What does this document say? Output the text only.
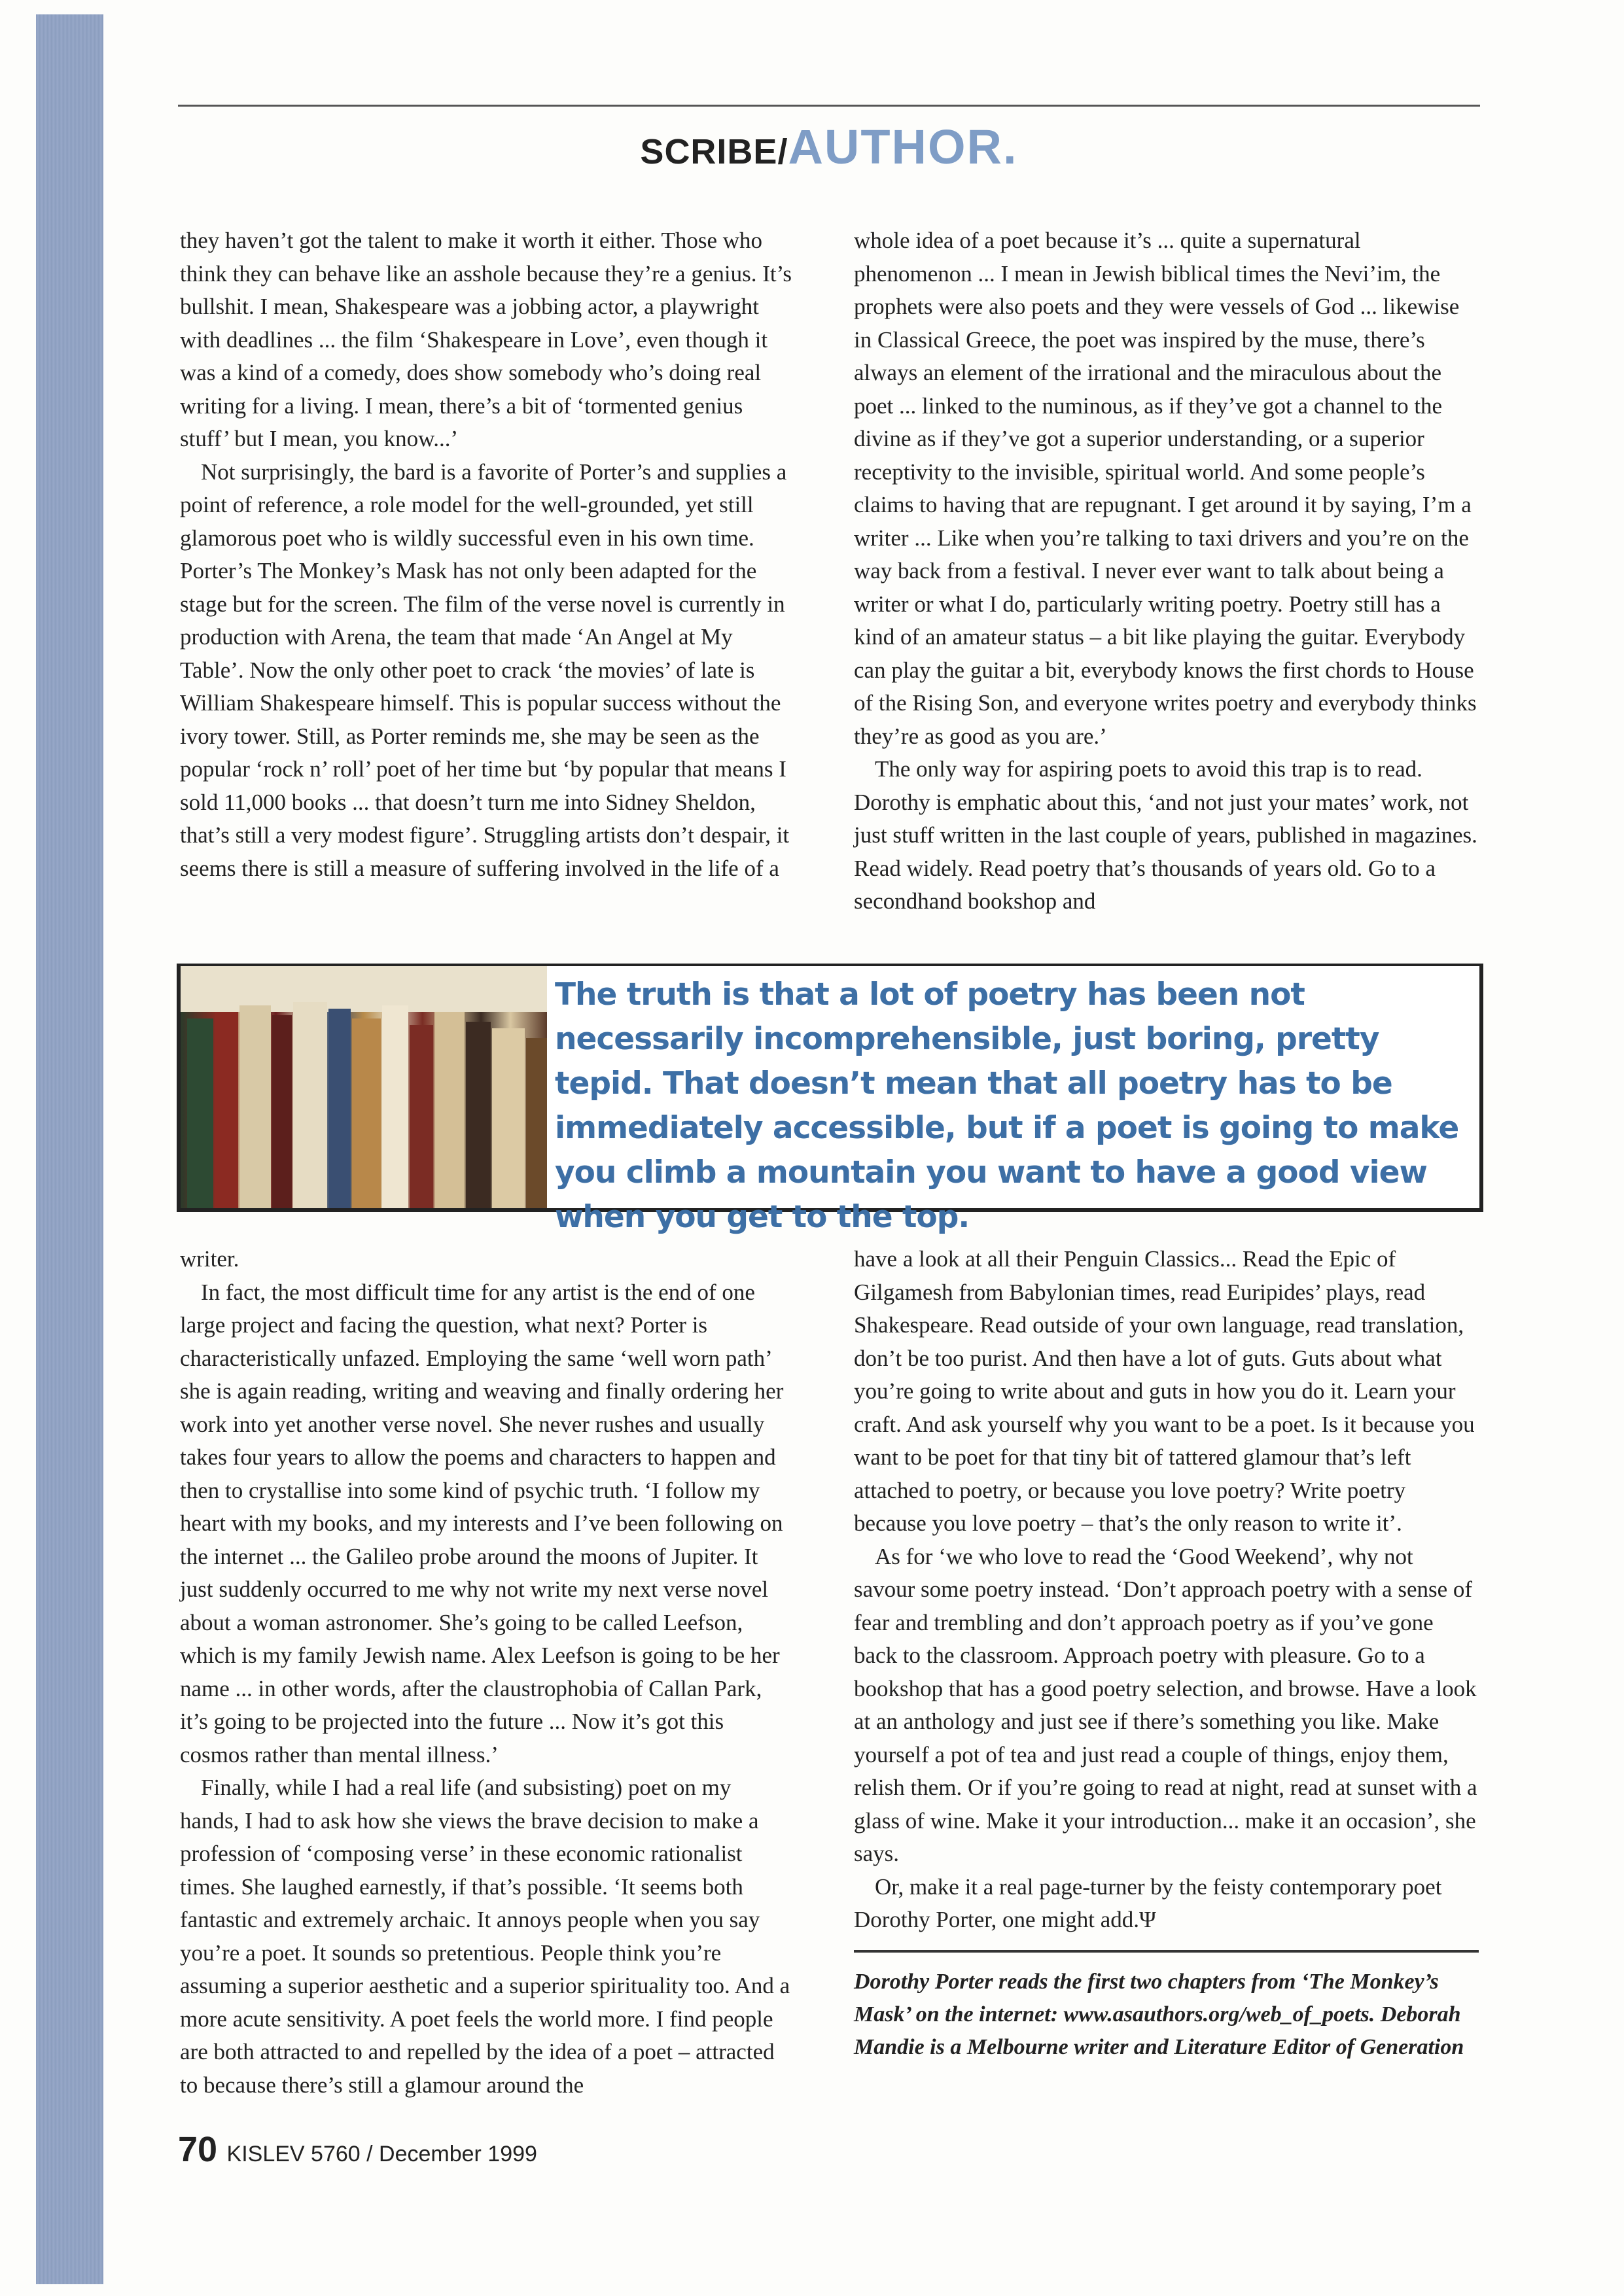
SCRIBE/AUTHOR.

they haven’t got the talent to make it worth it either. Those who think they can behave like an asshole because they’re a genius. It’s bullshit. I mean, Shakespeare was a jobbing actor, a playwright with deadlines ... the film ‘Shakespeare in Love’, even though it was a kind of a comedy, does show somebody who’s doing real writing for a living. I mean, there’s a bit of ‘tormented genius stuff’ but I mean, you know...’

Not surprisingly, the bard is a favorite of Porter’s and supplies a point of reference, a role model for the well-grounded, yet still glamorous poet who is wildly successful even in his own time. Porter’s The Monkey’s Mask has not only been adapted for the stage but for the screen. The film of the verse novel is currently in production with Arena, the team that made ‘An Angel at My Table’. Now the only other poet to crack ‘the movies’ of late is William Shakespeare himself. This is popular success without the ivory tower. Still, as Porter reminds me, she may be seen as the popular ‘rock n’ roll’ poet of her time but ‘by popular that means I sold 11,000 books ... that doesn’t turn me into Sidney Sheldon, that’s still a very modest figure’. Struggling artists don’t despair, it seems there is still a measure of suffering involved in the life of a

whole idea of a poet because it’s ... quite a supernatural phenomenon ... I mean in Jewish biblical times the Nevi’im, the prophets were also poets and they were vessels of God ... likewise in Classical Greece, the poet was inspired by the muse, there’s always an element of the irrational and the miraculous about the poet ... linked to the numinous, as if they’ve got a channel to the divine as if they’ve got a superior understanding, or a superior receptivity to the invisible, spiritual world. And some people’s claims to having that are repugnant. I get around it by saying, I’m a writer ... Like when you’re talking to taxi drivers and you’re on the way back from a festival. I never ever want to talk about being a writer or what I do, particularly writing poetry. Poetry still has a kind of an amateur status – a bit like playing the guitar. Everybody can play the guitar a bit, everybody knows the first chords to House of the Rising Son, and everyone writes poetry and everybody thinks they’re as good as you are.’

The only way for aspiring poets to avoid this trap is to read. Dorothy is emphatic about this, ‘and not just your mates’ work, not just stuff written in the last couple of years, published in magazines. Read widely. Read poetry that’s thousands of years old. Go to a secondhand bookshop and

The truth is that a lot of poetry has been not necessarily incomprehensible, just boring, pretty tepid. That doesn’t mean that all poetry has to be immediately accessible, but if a poet is going to make you climb a mountain you want to have a good view when you get to the top.

writer.

In fact, the most difficult time for any artist is the end of one large project and facing the question, what next? Porter is characteristically unfazed. Employing the same ‘well worn path’ she is again reading, writing and weaving and finally ordering her work into yet another verse novel. She never rushes and usually takes four years to allow the poems and characters to happen and then to crystallise into some kind of psychic truth. ‘I follow my heart with my books, and my interests and I’ve been following on the internet ... the Galileo probe around the moons of Jupiter. It just suddenly occurred to me why not write my next verse novel about a woman astronomer. She’s going to be called Leefson, which is my family Jewish name. Alex Leefson is going to be her name ... in other words, after the claustrophobia of Callan Park, it’s going to be projected into the future ... Now it’s got this cosmos rather than mental illness.’

Finally, while I had a real life (and subsisting) poet on my hands, I had to ask how she views the brave decision to make a profession of ‘composing verse’ in these economic rationalist times. She laughed earnestly, if that’s possible. ‘It seems both fantastic and extremely archaic. It annoys people when you say you’re a poet. It sounds so pretentious. People think you’re assuming a superior aesthetic and a superior spirituality too. And a more acute sensitivity. A poet feels the world more. I find people are both attracted to and repelled by the idea of a poet – attracted to because there’s still a glamour around the

have a look at all their Penguin Classics... Read the Epic of Gilgamesh from Babylonian times, read Euripides’ plays, read Shakespeare. Read outside of your own language, read translation, don’t be too purist. And then have a lot of guts. Guts about what you’re going to write about and guts in how you do it. Learn your craft. And ask yourself why you want to be a poet. Is it because you want to be poet for that tiny bit of tattered glamour that’s left attached to poetry, or because you love poetry? Write poetry because you love poetry – that’s the only reason to write it’.

As for ‘we who love to read the ‘Good Weekend’, why not savour some poetry instead. ‘Don’t approach poetry with a sense of fear and trembling and don’t approach poetry as if you’ve gone back to the classroom. Approach poetry with pleasure. Go to a bookshop that has a good poetry selection, and browse. Have a look at an anthology and just see if there’s something you like. Make yourself a pot of tea and just read a couple of things, enjoy them, relish them. Or if you’re going to read at night, read at sunset with a glass of wine. Make it your introduction... make it an occasion’, she says.

Or, make it a real page-turner by the feisty contemporary poet Dorothy Porter, one might add.Ψ

Dorothy Porter reads the first two chapters from ‘The Monkey’s Mask’ on the internet: www.asauthors.org/web_of_poets. Deborah Mandie is a Melbourne writer and Literature Editor of Generation
70 KISLEV 5760 / December 1999
